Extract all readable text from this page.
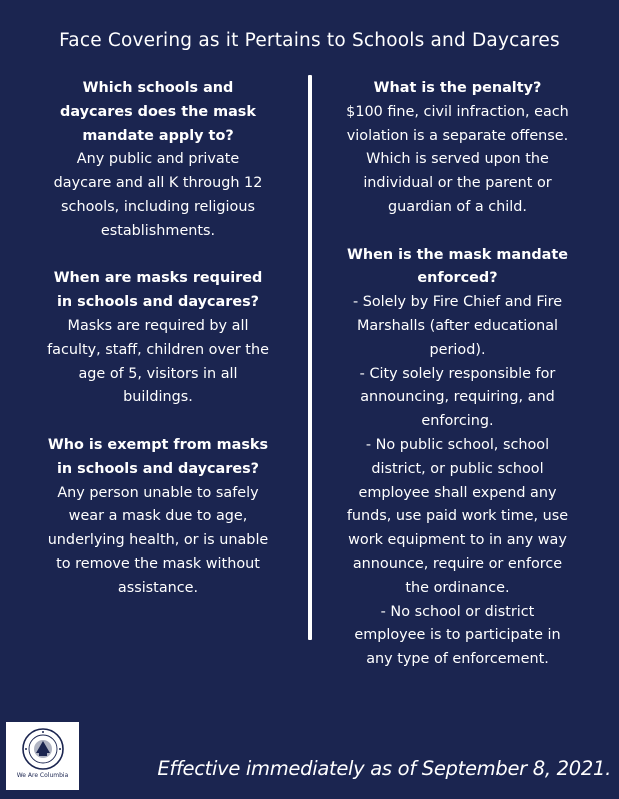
Face Covering as it Pertains to Schools and Daycares
Which schools and
daycares does the mask
mandate apply to?
Any public and private
daycare and all K through 12
schools, including religious
establishments.
When are masks required
in schools and daycares?
Masks are required by all
faculty, staff, children over the
age of 5, visitors in all
buildings.
Who is exempt from masks
in schools and daycares?
Any person unable to safely
wear a mask due to age,
underlying health, or is unable
to remove the mask without
assistance.
What is the penalty?
$100 fine, civil infraction, each
violation is a separate offense.
Which is served upon the
individual or the parent or
guardian of a child.
When is the mask mandate
enforced?
- Solely by Fire Chief and Fire
Marshalls (after educational
period).
- City solely responsible for
announcing, requiring, and
enforcing.
- No public school, school
district, or public school
employee shall expend any
funds, use paid work time, use
work equipment to in any way
announce, require or enforce
the ordinance.
- No school or district
employee is to participate in
any type of enforcement.
We Are Columbia	Effective immediately as of September 8, 2021.
